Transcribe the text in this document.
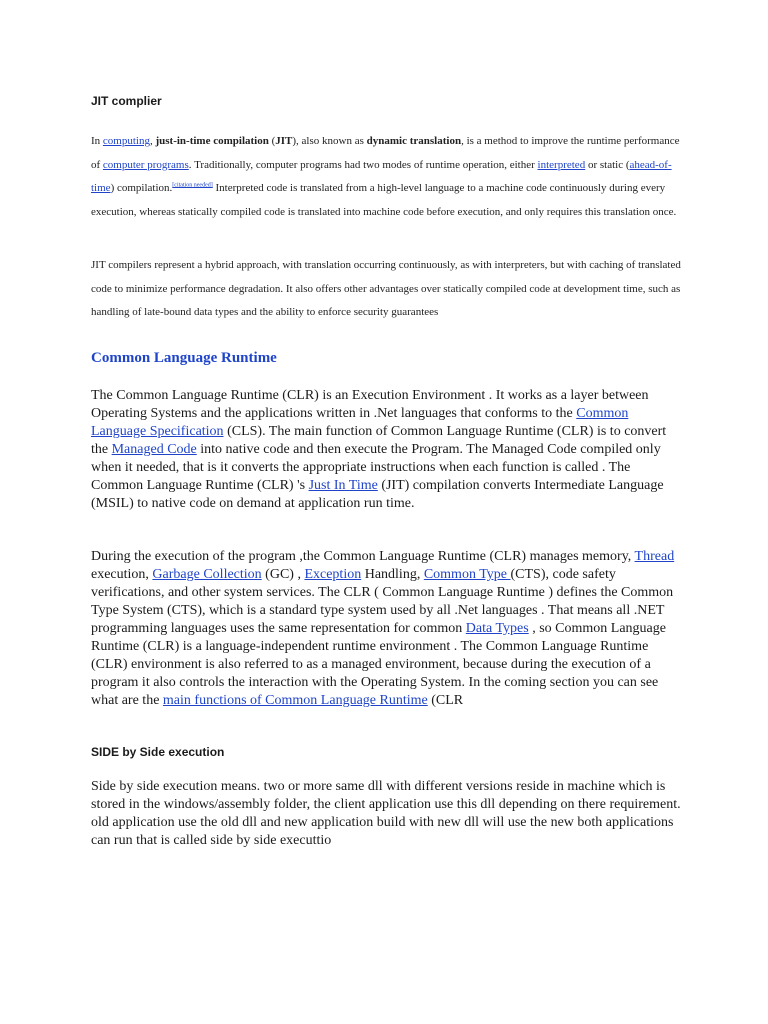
JIT complier
In computing, just-in-time compilation (JIT), also known as dynamic translation, is a method to improve the runtime performance of computer programs. Traditionally, computer programs had two modes of runtime operation, either interpreted or static (ahead-of-time) compilation.[citation needed] Interpreted code is translated from a high-level language to a machine code continuously during every execution, whereas statically compiled code is translated into machine code before execution, and only requires this translation once.
JIT compilers represent a hybrid approach, with translation occurring continuously, as with interpreters, but with caching of translated code to minimize performance degradation. It also offers other advantages over statically compiled code at development time, such as handling of late-bound data types and the ability to enforce security guarantees
Common Language Runtime
The Common Language Runtime (CLR) is an Execution Environment . It works as a layer between Operating Systems and the applications written in .Net languages that conforms to the Common Language Specification (CLS). The main function of Common Language Runtime (CLR) is to convert the Managed Code into native code and then execute the Program. The Managed Code compiled only when it needed, that is it converts the appropriate instructions when each function is called . The Common Language Runtime (CLR) 's Just In Time (JIT) compilation converts Intermediate Language (MSIL) to native code on demand at application run time.
During the execution of the program ,the Common Language Runtime (CLR) manages memory, Thread execution, Garbage Collection (GC) , Exception Handling, Common Type (CTS), code safety verifications, and other system services. The CLR ( Common Language Runtime ) defines the Common Type System (CTS), which is a standard type system used by all .Net languages . That means all .NET programming languages uses the same representation for common Data Types , so Common Language Runtime (CLR) is a language-independent runtime environment . The Common Language Runtime (CLR) environment is also referred to as a managed environment, because during the execution of a program it also controls the interaction with the Operating System. In the coming section you can see what are the main functions of Common Language Runtime (CLR
SIDE by Side execution
Side by side execution means. two or more same dll with different versions reside in machine which is stored in the windows/assembly folder, the client application use this dll depending on there requirement. old application use the old dll and new application build with new dll will use the new both applications can run that is called side by side executtio
